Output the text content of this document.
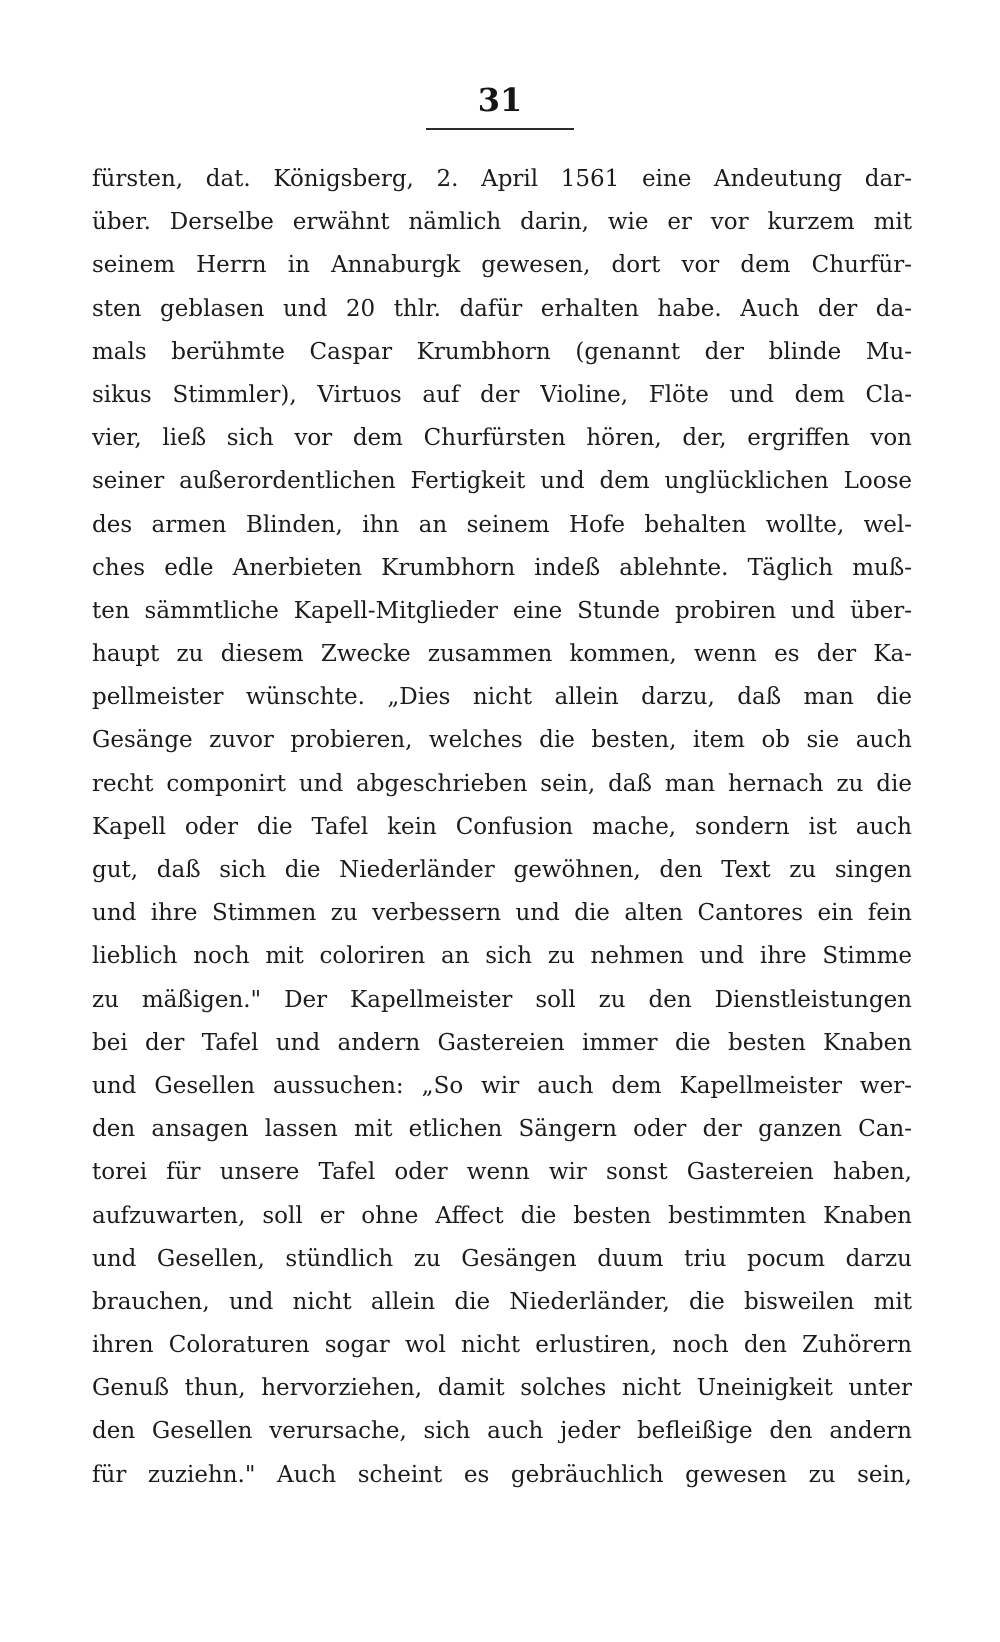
31
fürsten, dat. Königsberg, 2. April 1561 eine Andeutung dar-
über. Derselbe erwähnt nämlich darin, wie er vor kurzem mit
seinem Herrn in Annaburgk gewesen, dort vor dem Churfür-
sten geblasen und 20 thlr. dafür erhalten habe. Auch der da-
mals berühmte Caspar Krumbhorn (genannt der blinde Mu-
sikus Stimmler), Virtuos auf der Violine, Flöte und dem Cla-
vier, ließ sich vor dem Churfürsten hören, der, ergriffen von
seiner außerordentlichen Fertigkeit und dem unglücklichen Loose
des armen Blinden, ihn an seinem Hofe behalten wollte, wel-
ches edle Anerbieten Krumbhorn indeß ablehnte. Täglich muß-
ten sämmtliche Kapell-Mitglieder eine Stunde probiren und über-
haupt zu diesem Zwecke zusammen kommen, wenn es der Ka-
pellmeister wünschte. „Dies nicht allein darzu, daß man die
Gesänge zuvor probieren, welches die besten, item ob sie auch
recht componirt und abgeschrieben sein, daß man hernach zu die
Kapell oder die Tafel kein Confusion mache, sondern ist auch
gut, daß sich die Niederländer gewöhnen, den Text zu singen
und ihre Stimmen zu verbessern und die alten Cantores ein fein
lieblich noch mit coloriren an sich zu nehmen und ihre Stimme
zu mäßigen." Der Kapellmeister soll zu den Dienstleistungen
bei der Tafel und andern Gastereien immer die besten Knaben
und Gesellen aussuchen: „So wir auch dem Kapellmeister wer-
den ansagen lassen mit etlichen Sängern oder der ganzen Can-
torei für unsere Tafel oder wenn wir sonst Gastereien haben,
aufzuwarten, soll er ohne Affect die besten bestimmten Knaben
und Gesellen, stündlich zu Gesängen duum triu pocum darzu
brauchen, und nicht allein die Niederländer, die bisweilen mit
ihren Coloraturen sogar wol nicht erlustiren, noch den Zuhörern
Genuß thun, hervorziehen, damit solches nicht Uneinigkeit unter
den Gesellen verursache, sich auch jeder befleißige den andern
für zuziehn." Auch scheint es gebräuchlich gewesen zu sein,
